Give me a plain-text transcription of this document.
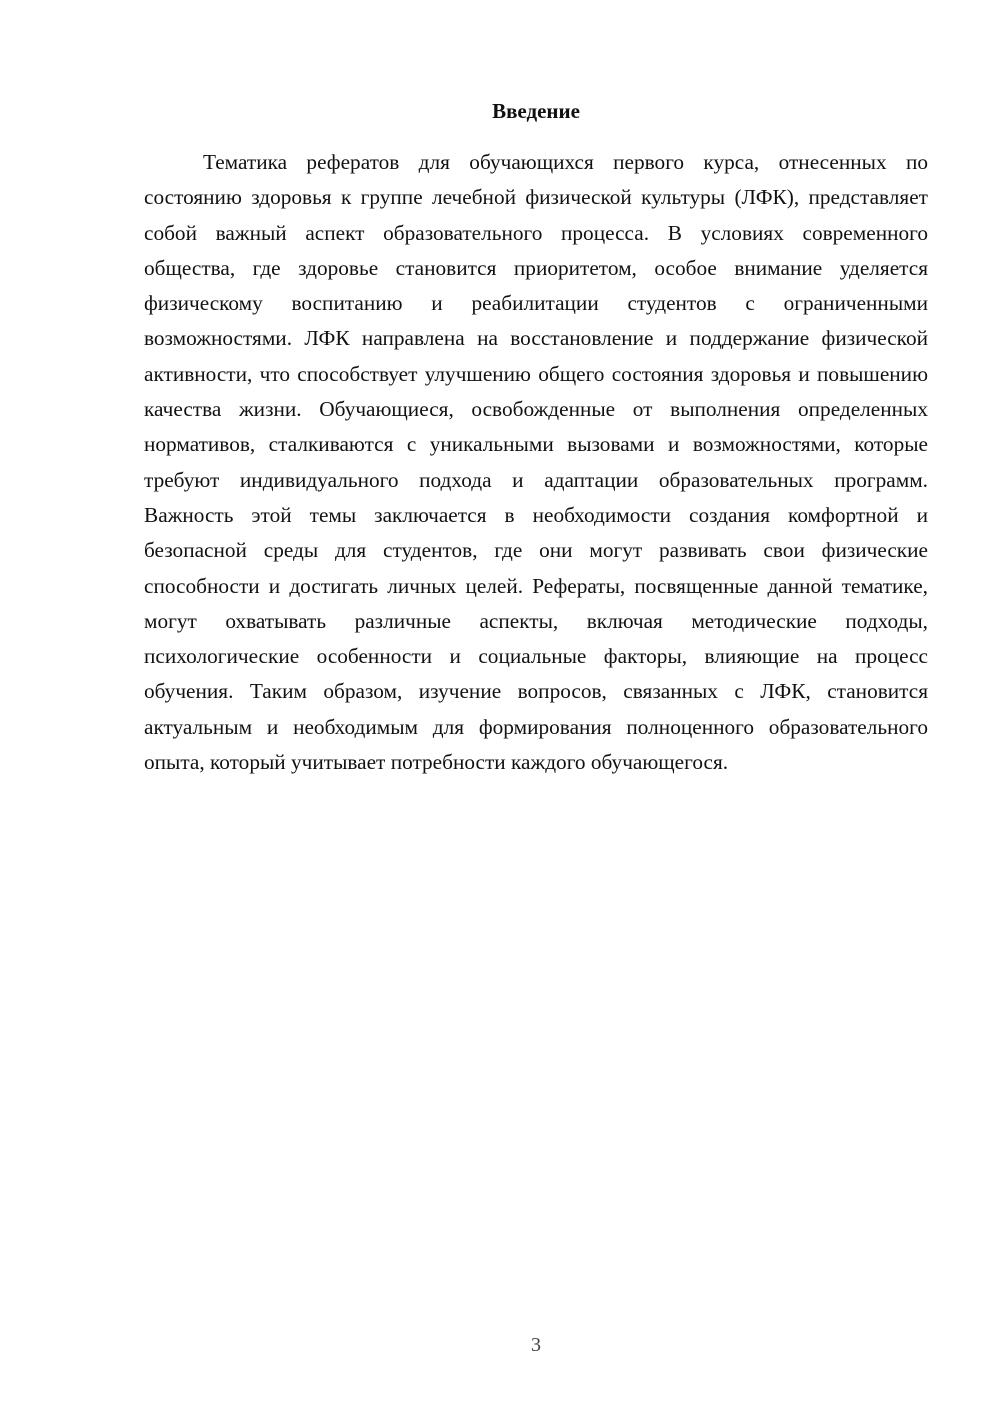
Введение

Тематика рефератов для обучающихся первого курса, отнесенных по состоянию здоровья к группе лечебной физической культуры (ЛФК), представляет собой важный аспект образовательного процесса. В условиях современного общества, где здоровье становится приоритетом, особое внимание уделяется физическому воспитанию и реабилитации студентов с ограниченными возможностями. ЛФК направлена на восстановление и поддержание физической активности, что способствует улучшению общего состояния здоровья и повышению качества жизни. Обучающиеся, освобожденные от выполнения определенных нормативов, сталкиваются с уникальными вызовами и возможностями, которые требуют индивидуального подхода и адаптации образовательных программ. Важность этой темы заключается в необходимости создания комфортной и безопасной среды для студентов, где они могут развивать свои физические способности и достигать личных целей. Рефераты, посвященные данной тематике, могут охватывать различные аспекты, включая методические подходы, психологические особенности и социальные факторы, влияющие на процесс обучения. Таким образом, изучение вопросов, связанных с ЛФК, становится актуальным и необходимым для формирования полноценного образовательного опыта, который учитывает потребности каждого обучающегося.

3
